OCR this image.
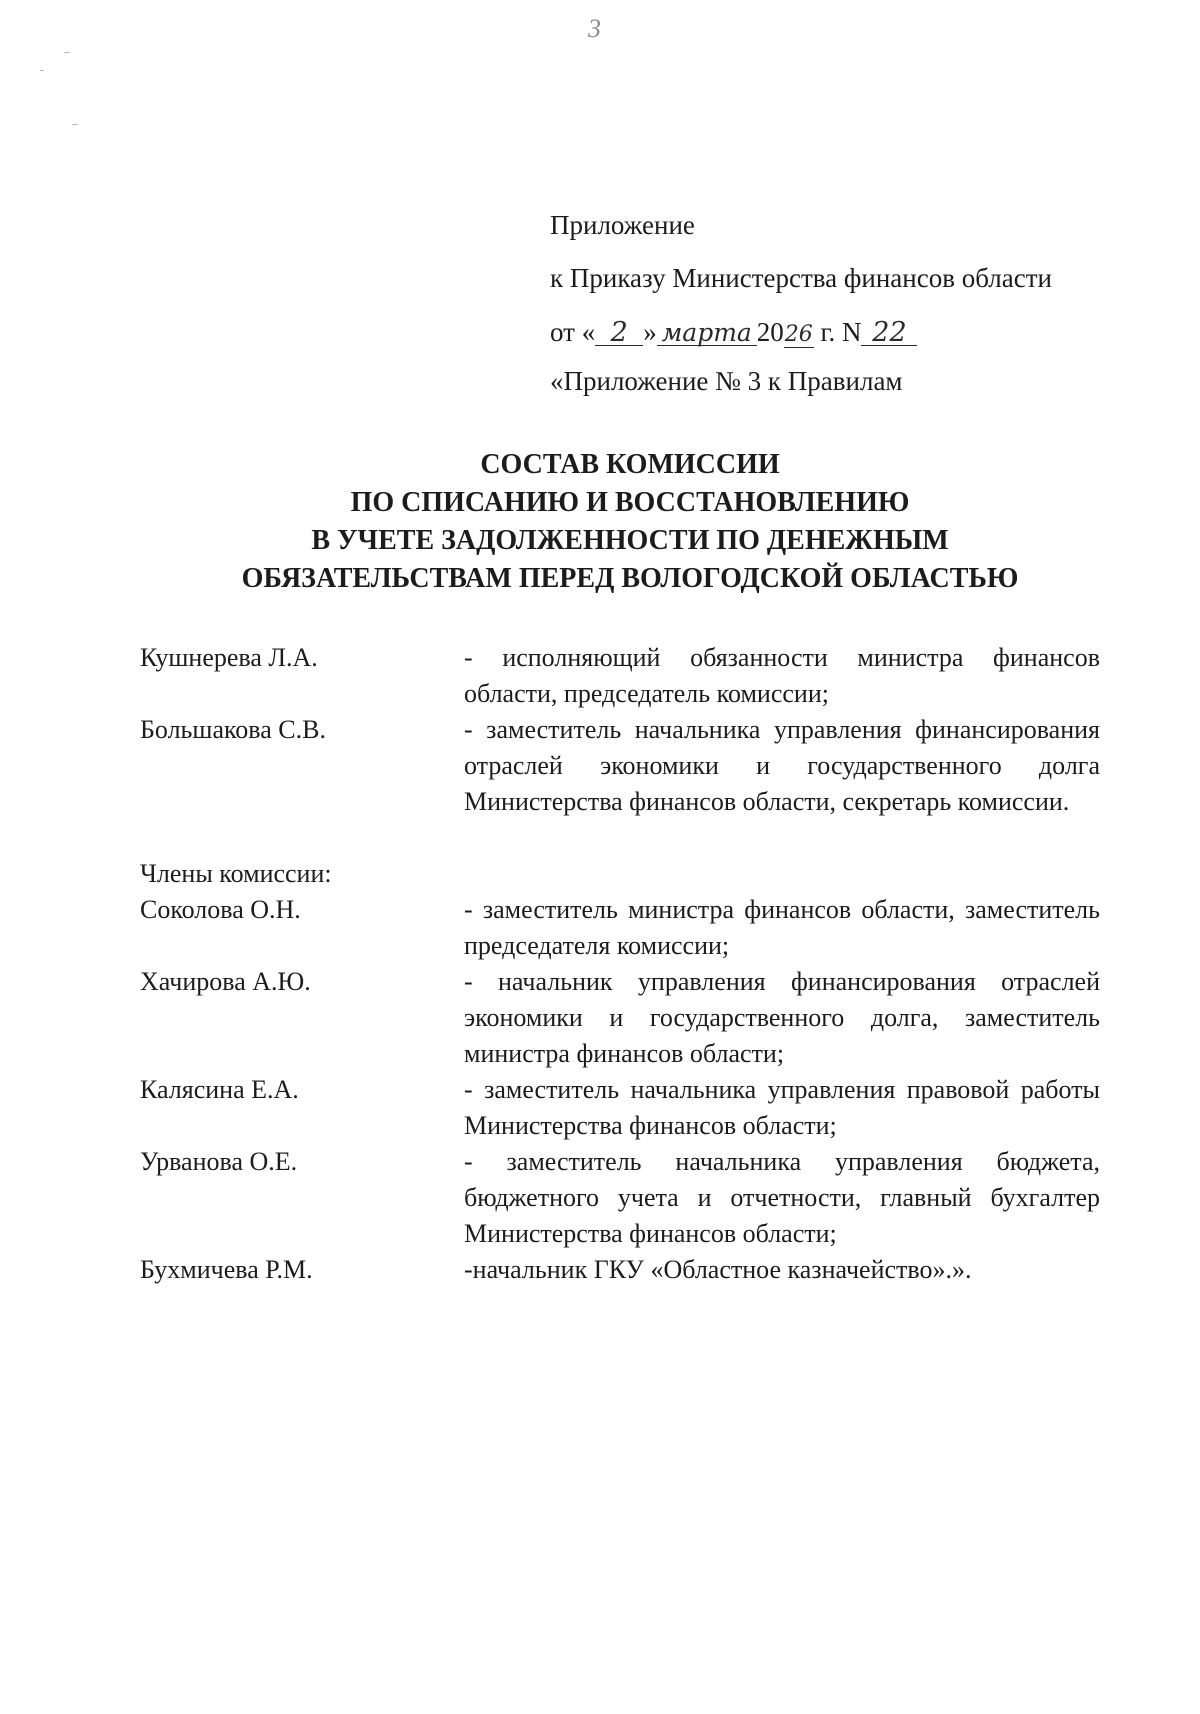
3
Приложение
к Приказу Министерства финансов области
от « 2 » марта 2026 г. N 22
«Приложение № 3 к Правилам
СОСТАВ КОМИССИИ
ПО СПИСАНИЮ И ВОССТАНОВЛЕНИЮ
В УЧЕТЕ ЗАДОЛЖЕННОСТИ ПО ДЕНЕЖНЫМ
ОБЯЗАТЕЛЬСТВАМ ПЕРЕД ВОЛОГОДСКОЙ ОБЛАСТЬЮ
Кушнерева Л.А.	- исполняющий обязанности министра финансов области, председатель комиссии;
Большакова С.В.	- заместитель начальника управления финансирования отраслей экономики и государственного долга Министерства финансов области, секретарь комиссии.
Члены комиссии:
Соколова О.Н.	- заместитель министра финансов области, заместитель председателя комиссии;
Хачирова А.Ю.	- начальник управления финансирования отраслей экономики и государственного долга, заместитель министра финансов области;
Калясина Е.А.	- заместитель начальника управления правовой работы Министерства финансов области;
Урванова О.Е.	- заместитель начальника управления бюджета, бюджетного учета и отчетности, главный бухгалтер Министерства финансов области;
Бухмичева Р.М.	-начальник ГКУ «Областное казначейство».».
